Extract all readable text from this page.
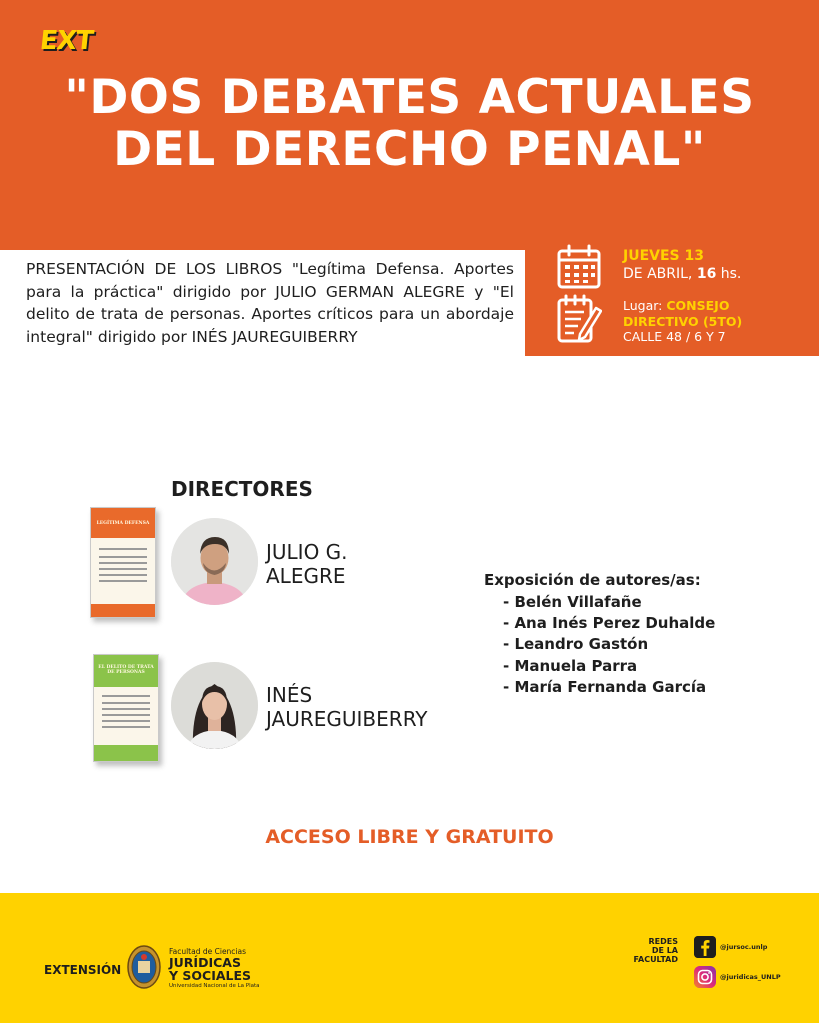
EXT
"DOS DEBATES ACTUALES
DEL DERECHO PENAL"
PRESENTACIÓN DE LOS LIBROS "Legítima Defensa. Aportes para la práctica" dirigido por JULIO GERMAN ALEGRE y "El delito de trata de personas. Aportes críticos para un abordaje integral" dirigido por INÉS JAUREGUIBERRY
JUEVES 13
DE ABRIL, 16 hs.
Lugar: CONSEJO
DIRECTIVO (5TO)
CALLE 48 / 6 Y 7
DIRECTORES
LEGÍTIMA DEFENSA
EL DELITO DE TRATA DE PERSONAS
JULIO G.
ALEGRE
INÉS
JAUREGUIBERRY
Exposición de autores/as:
- Belén Villafañe
- Ana Inés Perez Duhalde
- Leandro Gastón
- Manuela Parra
- María Fernanda García
ACCESO LIBRE Y GRATUITO
EXTENSIÓN
Facultad de Ciencias
JURÍDICAS
Y SOCIALES
Universidad Nacional de La Plata
REDES
DE LA
FACULTAD
@jursoc.unlp
@juridicas_UNLP
